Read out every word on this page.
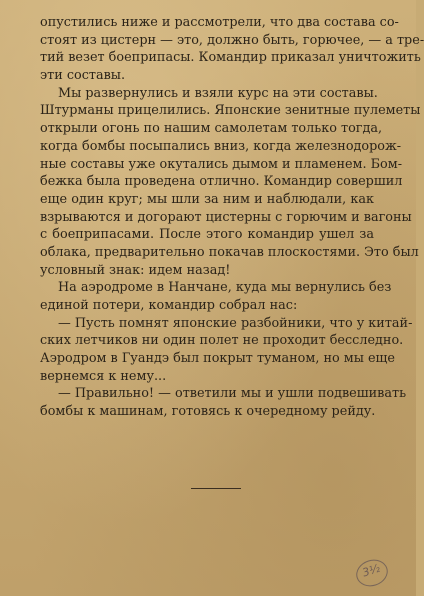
опустились ниже и рассмотрели, что два состава со-
стоят из цистерн — это, должно быть, горючее, — а тре-
тий везет боеприпасы. Командир приказал уничтожить
эти составы.
Мы развернулись и взяли курс на эти составы.
Штурманы прицелились. Японские зенитные пулеметы
открыли огонь по нашим самолетам только тогда,
когда бомбы посыпались вниз, когда железнодорож-
ные составы уже окутались дымом и пламенем. Бом-
бежка была проведена отлично. Командир совершил
еще один круг; мы шли за ним и наблюдали, как
взрываются и догорают цистерны с горючим и вагоны
с боеприпасами. После этого командир ушел за
облака, предварительно покачав плоскостями. Это был
условный знак: идем назад!
На аэродроме в Нанчане, куда мы вернулись без
единой потери, командир собрал нас:
— Пусть помнят японские разбойники, что у китай-
ских летчиков ни один полет не проходит бесследно.
Аэродром в Гуандэ был покрыт туманом, но мы еще
вернемся к нему...
— Правильно! — ответили мы и ушли подвешивать
бомбы к машинам, готовясь к очередному рейду.
3½
